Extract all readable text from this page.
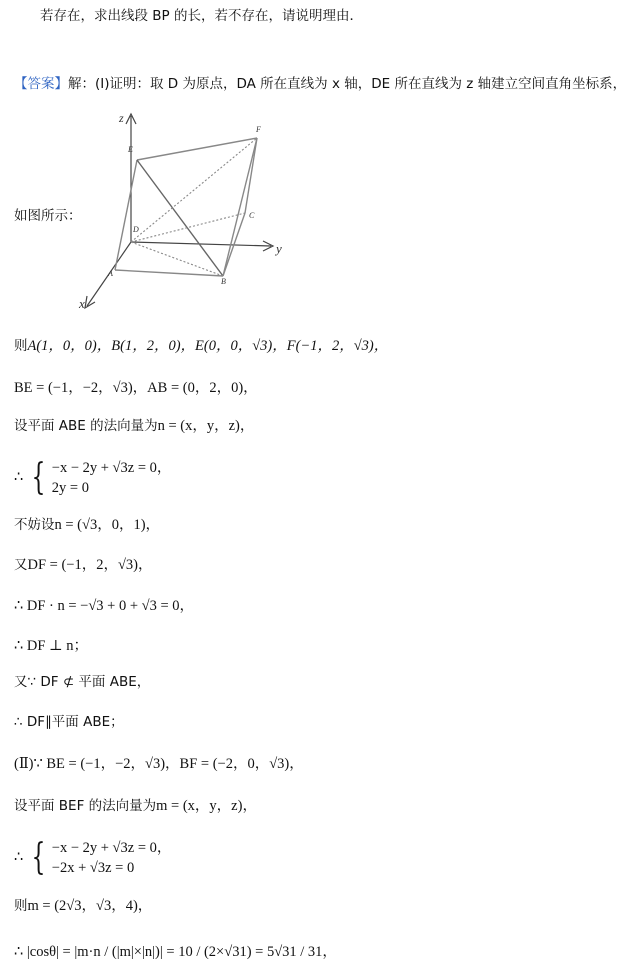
若存在，求出线段 BP 的长，若不存在，请说明理由．
【答案】解：(Ⅰ)证明：取 D 为原点，DA 所在直线为 x 轴，DE 所在直线为 z 轴建立空间直角坐标系，
如图所示：
z
y
x
E
F
D
C
A
B
则A(1，0，0)，B(1，2，0)，E(0，0，√3)，F(−1，2，√3)，
BE = (−1，−2，√3)，AB = (0，2，0)，
设平面 ABE 的法向量为n = (x，y，z)，
∴ { −x − 2y + √3z = 0，
2y = 0
不妨设n = (√3，0，1)，
又DF = (−1，2，√3)，
∴ DF · n = −√3 + 0 + √3 = 0，
∴ DF ⊥ n；
又∵ DF ⊄ 平面 ABE，
∴ DF∥平面 ABE；
(Ⅱ)∵ BE = (−1，−2，√3)，BF = (−2，0，√3)，
设平面 BEF 的法向量为m = (x，y，z)，
∴ { −x − 2y + √3z = 0，
−2x + √3z = 0
则m = (2√3，√3，4)，
∴ |cosθ| = |m·n / (|m|×|n|)| = 10 / (2×√31) = 5√31 / 31，
